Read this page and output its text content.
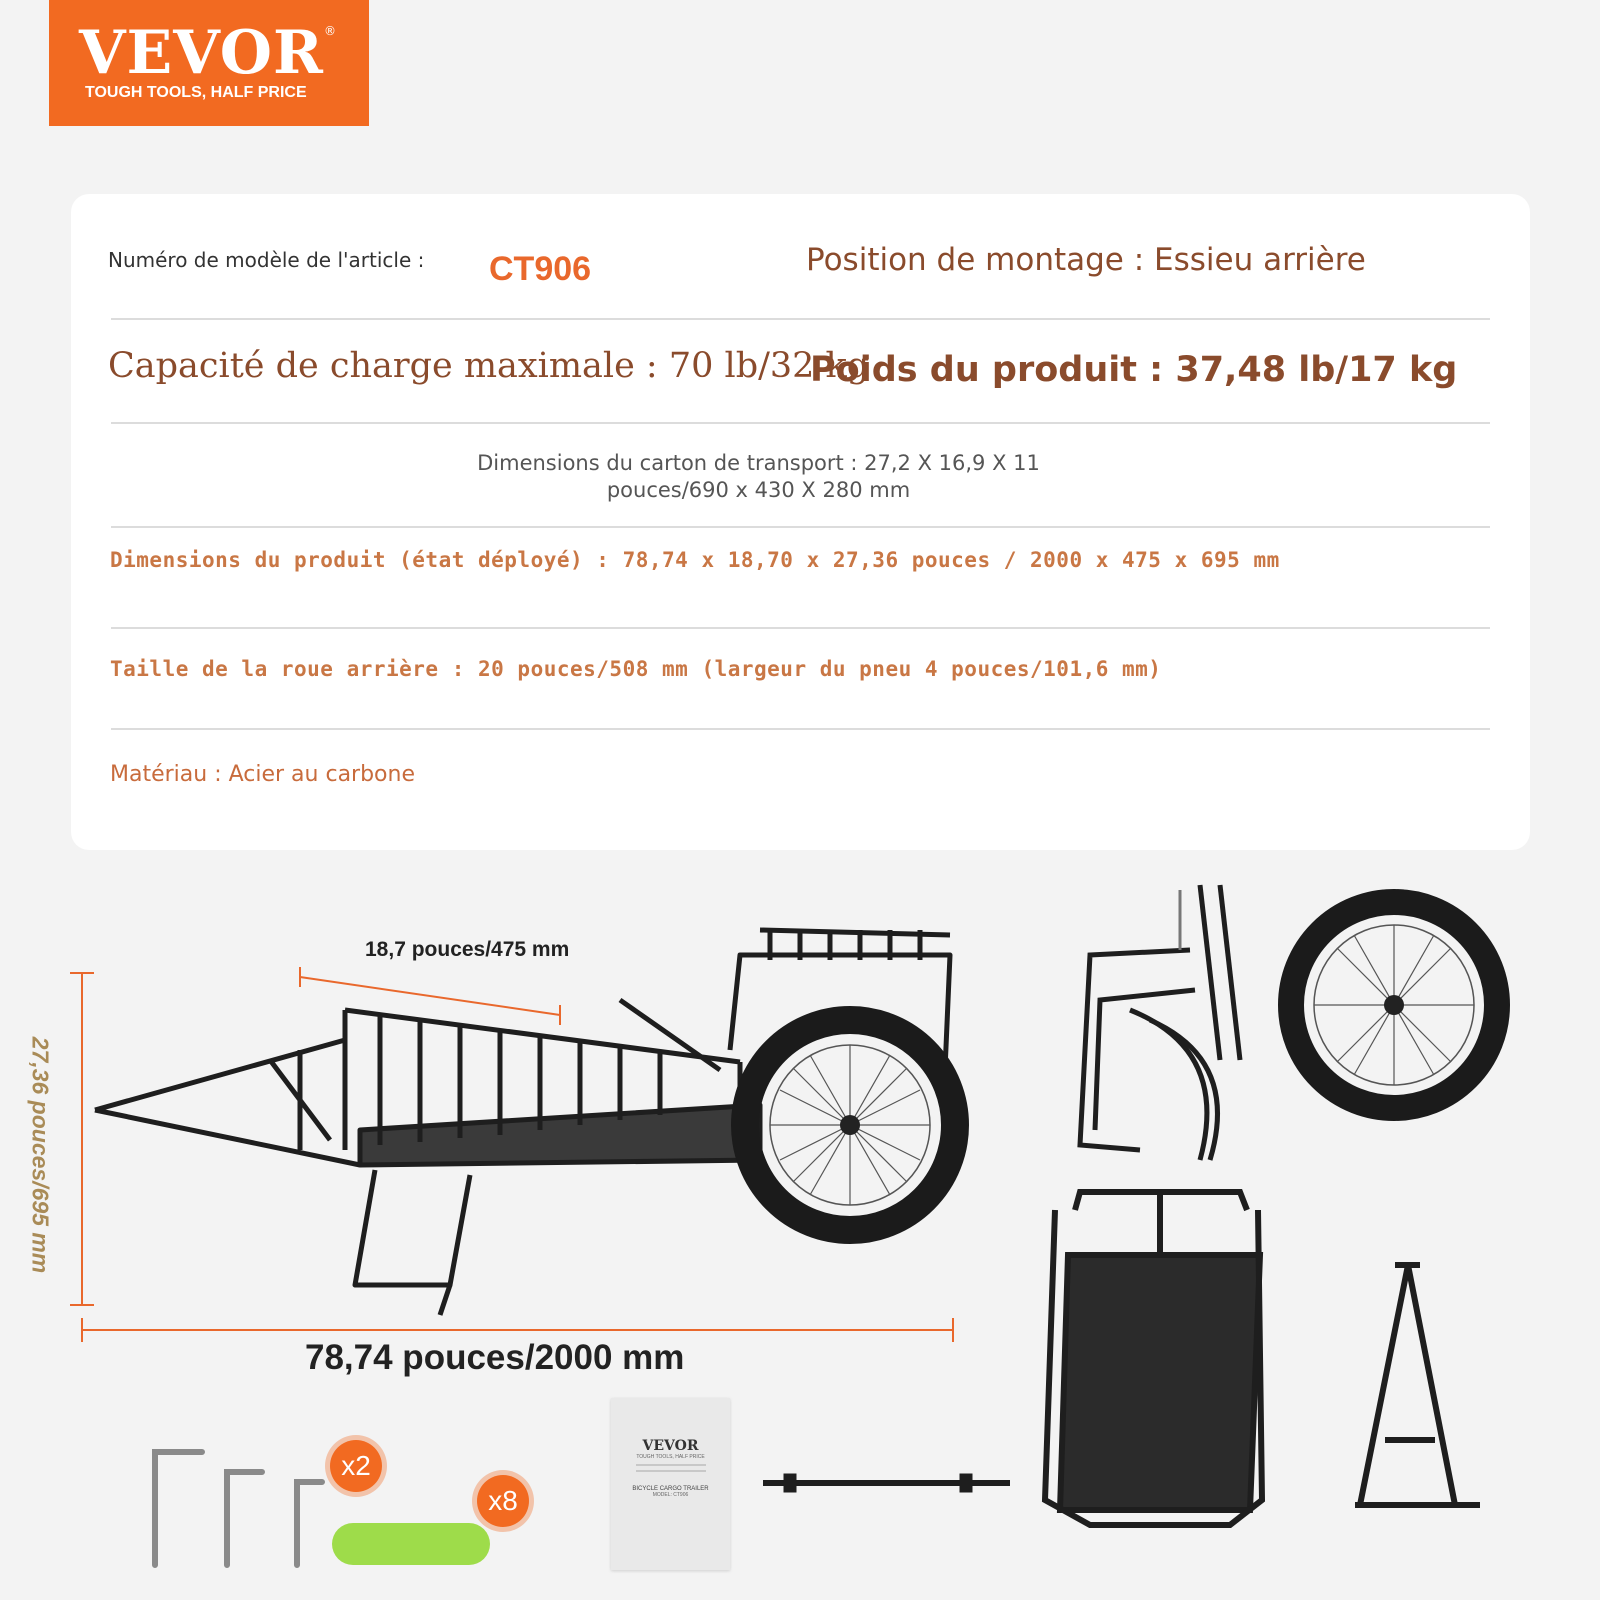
VEVOR ®
TOUGH TOOLS, HALF PRICE
Numéro de modèle de l'article : CT906	Position de montage : Essieu arrière
Capacité de charge maximale : 70 lb/32 kg
Poids du produit : 37,48 lb/17 kg
Dimensions du carton de transport : 27,2 X 16,9 X 11 pouces/690 x 430 X 280 mm
Dimensions du produit (état déployé) : 78,74 x 18,70 x 27,36 pouces / 2000 x 475 x 695 mm
Taille de la roue arrière : 20 pouces/508 mm (largeur du pneu 4 pouces/101,6 mm)
Matériau : Acier au carbone
18,7 pouces/475 mm
27,36 pouces/695 mm
78,74 pouces/2000 mm
x2
x8
VEVOR
TOUGH TOOLS, HALF PRICE
BICYCLE CARGO TRAILER
MODEL: CT906
